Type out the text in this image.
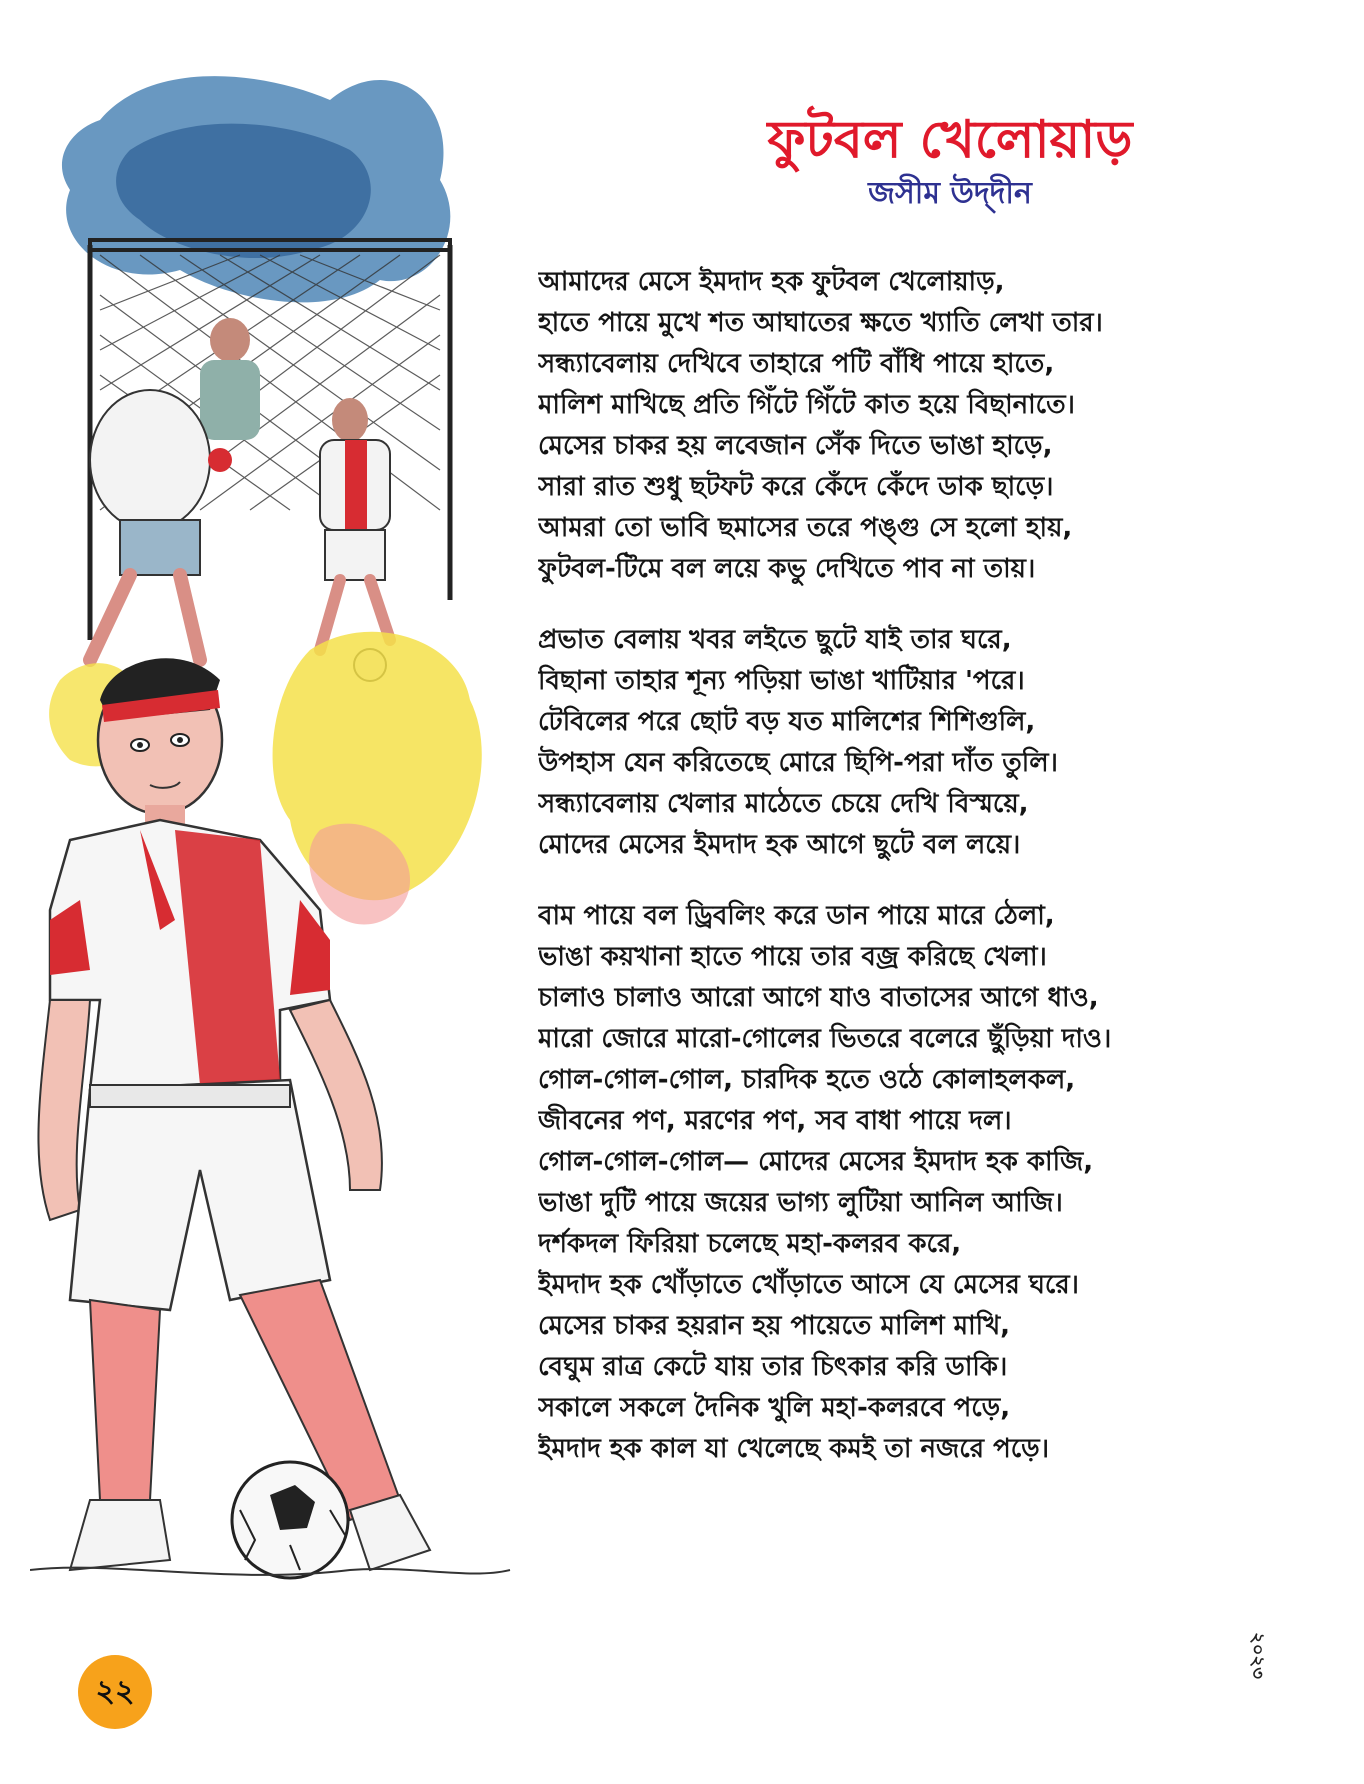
ফুটবল খেলোয়াড়
জসীম উদ্‌দীন
আমাদের মেসে ইমদাদ হক ফুটবল খেলোয়াড়,
হাতে পায়ে মুখে শত আঘাতের ক্ষতে খ্যাতি লেখা তার।
সন্ধ্যাবেলায় দেখিবে তাহারে পটি বাঁধি পায়ে হাতে,
মালিশ মাখিছে প্রতি গিঁটে গিঁটে কাত হয়ে বিছানাতে।
মেসের চাকর হয় লবেজান সেঁক দিতে ভাঙা হাড়ে,
সারা রাত শুধু ছটফট করে কেঁদে কেঁদে ডাক ছাড়ে।
আমরা তো ভাবি ছমাসের তরে পঙ্গু সে হলো হায়,
ফুটবল-টিমে বল লয়ে কভু দেখিতে পাব না তায়।
প্রভাত বেলায় খবর লইতে ছুটে যাই তার ঘরে,
বিছানা তাহার শূন্য পড়িয়া ভাঙা খাটিয়ার 'পরে।
টেবিলের পরে ছোট বড় যত মালিশের শিশিগুলি,
উপহাস যেন করিতেছে মোরে ছিপি-পরা দাঁত তুলি।
সন্ধ্যাবেলায় খেলার মাঠেতে চেয়ে দেখি বিস্ময়ে,
মোদের মেসের ইমদাদ হক আগে ছুটে বল লয়ে।
বাম পায়ে বল ড্রিবলিং করে ডান পায়ে মারে ঠেলা,
ভাঙা কয়খানা হাতে পায়ে তার বজ্র করিছে খেলা।
চালাও চালাও আরো আগে যাও বাতাসের আগে ধাও,
মারো জোরে মারো-গোলের ভিতরে বলেরে ছুঁড়িয়া দাও।
গোল-গোল-গোল, চারদিক হতে ওঠে কোলাহলকল,
জীবনের পণ, মরণের পণ, সব বাধা পায়ে দল।
গোল-গোল-গোল— মোদের মেসের ইমদাদ হক কাজি,
ভাঙা দুটি পায়ে জয়ের ভাগ্য লুটিয়া আনিল আজি।
দর্শকদল ফিরিয়া চলেছে মহা-কলরব করে,
ইমদাদ হক খোঁড়াতে খোঁড়াতে আসে যে মেসের ঘরে।
মেসের চাকর হয়রান হয় পায়েতে মালিশ মাখি,
বেঘুম রাত্র কেটে যায় তার চিৎকার করি ডাকি।
সকালে সকলে দৈনিক খুলি মহা-কলরবে পড়ে,
ইমদাদ হক কাল যা খেলেছে কমই তা নজরে পড়ে।
২২
২০২৩
